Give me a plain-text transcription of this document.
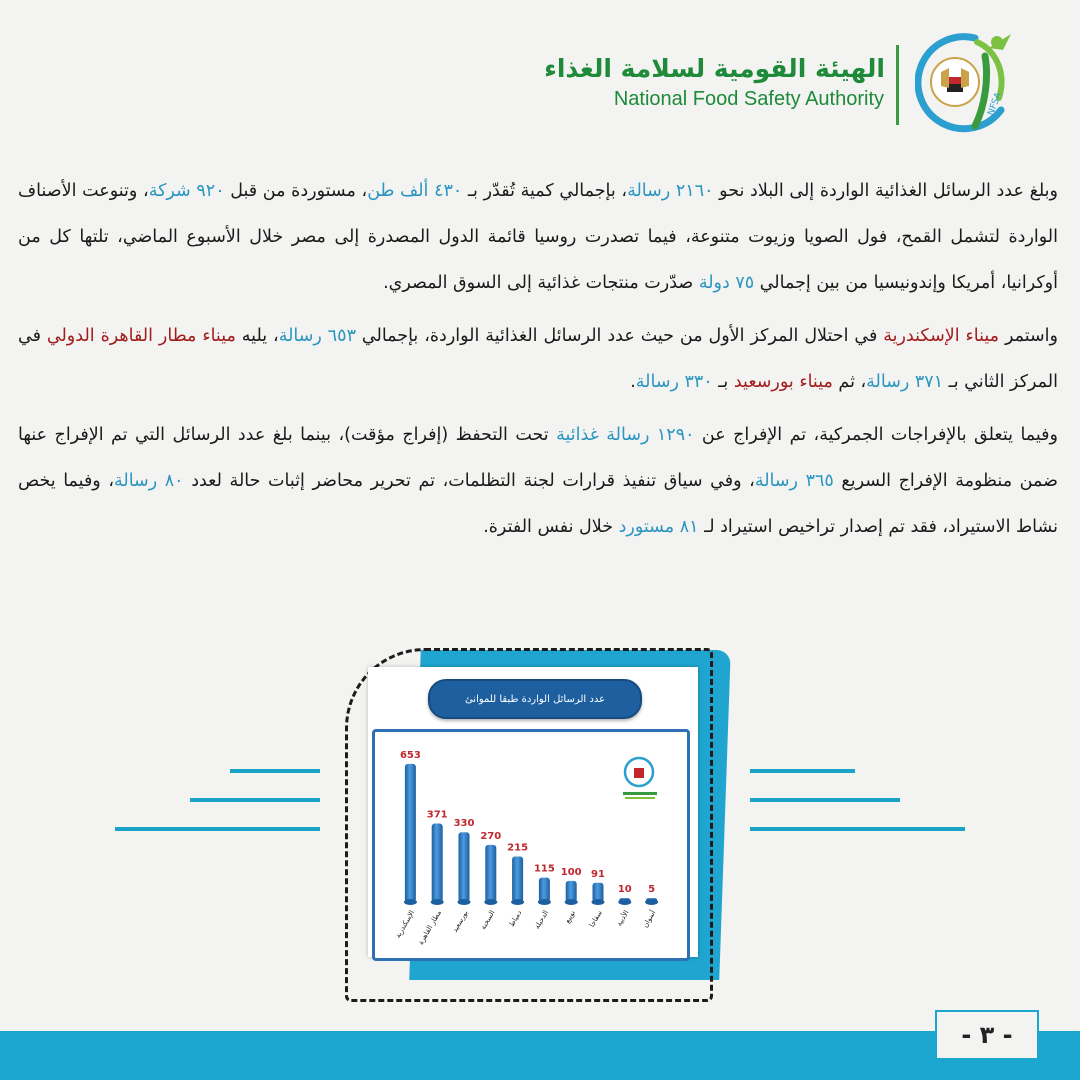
NFSA
الهيئة القومية لسلامة الغذاء
National Food Safety Authority

وبلغ عدد الرسائل الغذائية الواردة إلى البلاد نحو ٢١٦٠ رسالة، بإجمالي كمية تُقدّر بـ ٤٣٠ ألف طن، مستوردة من قبل ٩٢٠ شركة، وتنوعت الأصناف الواردة لتشمل القمح، فول الصويا وزيوت متنوعة، فيما تصدرت روسيا قائمة الدول المصدرة إلى مصر خلال الأسبوع الماضي، تلتها كل من أوكرانيا، أمريكا وإندونيسيا من بين إجمالي ٧٥ دولة صدّرت منتجات غذائية إلى السوق المصري.

واستمر ميناء الإسكندرية في احتلال المركز الأول من حيث عدد الرسائل الغذائية الواردة، بإجمالي ٦٥٣ رسالة، يليه ميناء مطار القاهرة الدولي في المركز الثاني بـ ٣٧١ رسالة، ثم ميناء بورسعيد بـ ٣٣٠ رسالة.

وفيما يتعلق بالإفراجات الجمركية، تم الإفراج عن ١٢٩٠ رسالة غذائية تحت التحفظ (إفراج مؤقت)، بينما بلغ عدد الرسائل التي تم الإفراج عنها ضمن منظومة الإفراج السريع ٣٦٥ رسالة، وفي سياق تنفيذ قرارات لجنة التظلمات، تم تحرير محاضر إثبات حالة لعدد ٨٠ رسالة، وفيما يخص نشاط الاستيراد، فقد تم إصدار تراخيص استيراد لـ ٨١ مستورد خلال نفس الفترة.

عدد الرسائل الواردة طبقا للموانئ
653
الإسكندرية
371
مطار القاهرة
330
بورسعيد
270
السخنة
215
دمياط
115
الدخيلة
100
نويبع
91
سفاجا
10
الأدبية
5
أسوان
- ٣ -
